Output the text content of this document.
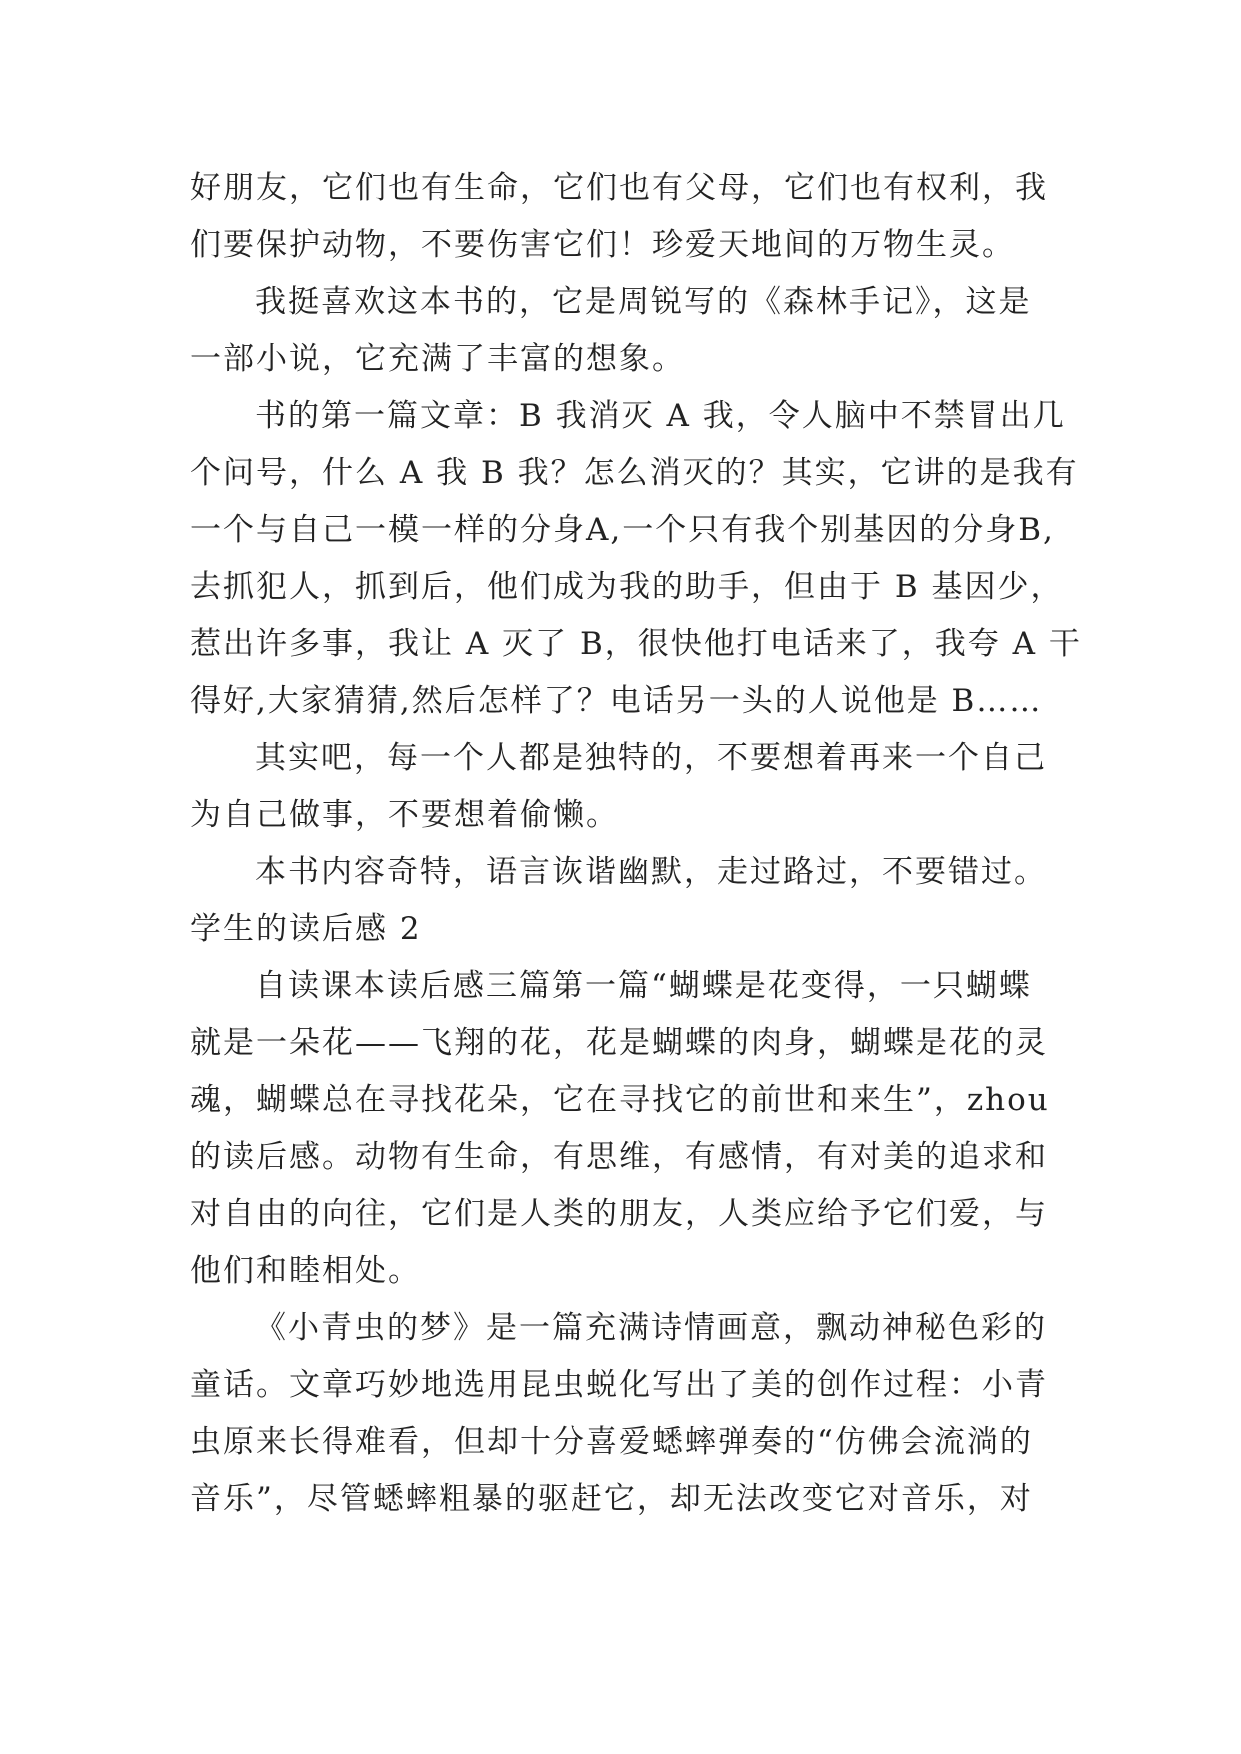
好朋友，它们也有生命，它们也有父母，它们也有权利，我
们要保护动物，不要伤害它们！珍爱天地间的万物生灵。
我挺喜欢这本书的，它是周锐写的《森林手记》，这是
一部小说，它充满了丰富的想象。
书的第一篇文章：B 我消灭 A 我，令人脑中不禁冒出几
个问号，什么 A 我 B 我？怎么消灭的？其实，它讲的是我有
一个与自己一模一样的分身A,一个只有我个别基因的分身B,
去抓犯人，抓到后，他们成为我的助手，但由于 B 基因少，
惹出许多事，我让 A 灭了 B，很快他打电话来了，我夸 A 干
得好,大家猜猜,然后怎样了？电话另一头的人说他是 B……
其实吧，每一个人都是独特的，不要想着再来一个自己
为自己做事，不要想着偷懒。
本书内容奇特，语言诙谐幽默，走过路过，不要错过。
学生的读后感 2
自读课本读后感三篇第一篇“蝴蝶是花变得，一只蝴蝶
就是一朵花——飞翔的花，花是蝴蝶的肉身，蝴蝶是花的灵
魂，蝴蝶总在寻找花朵，它在寻找它的前世和来生”，zhou
的读后感。动物有生命，有思维，有感情，有对美的追求和
对自由的向往，它们是人类的朋友，人类应给予它们爱，与
他们和睦相处。
《小青虫的梦》是一篇充满诗情画意，飘动神秘色彩的
童话。文章巧妙地选用昆虫蜕化写出了美的创作过程：小青
虫原来长得难看，但却十分喜爱蟋蟀弹奏的“仿佛会流淌的
音乐”，尽管蟋蟀粗暴的驱赶它，却无法改变它对音乐，对
